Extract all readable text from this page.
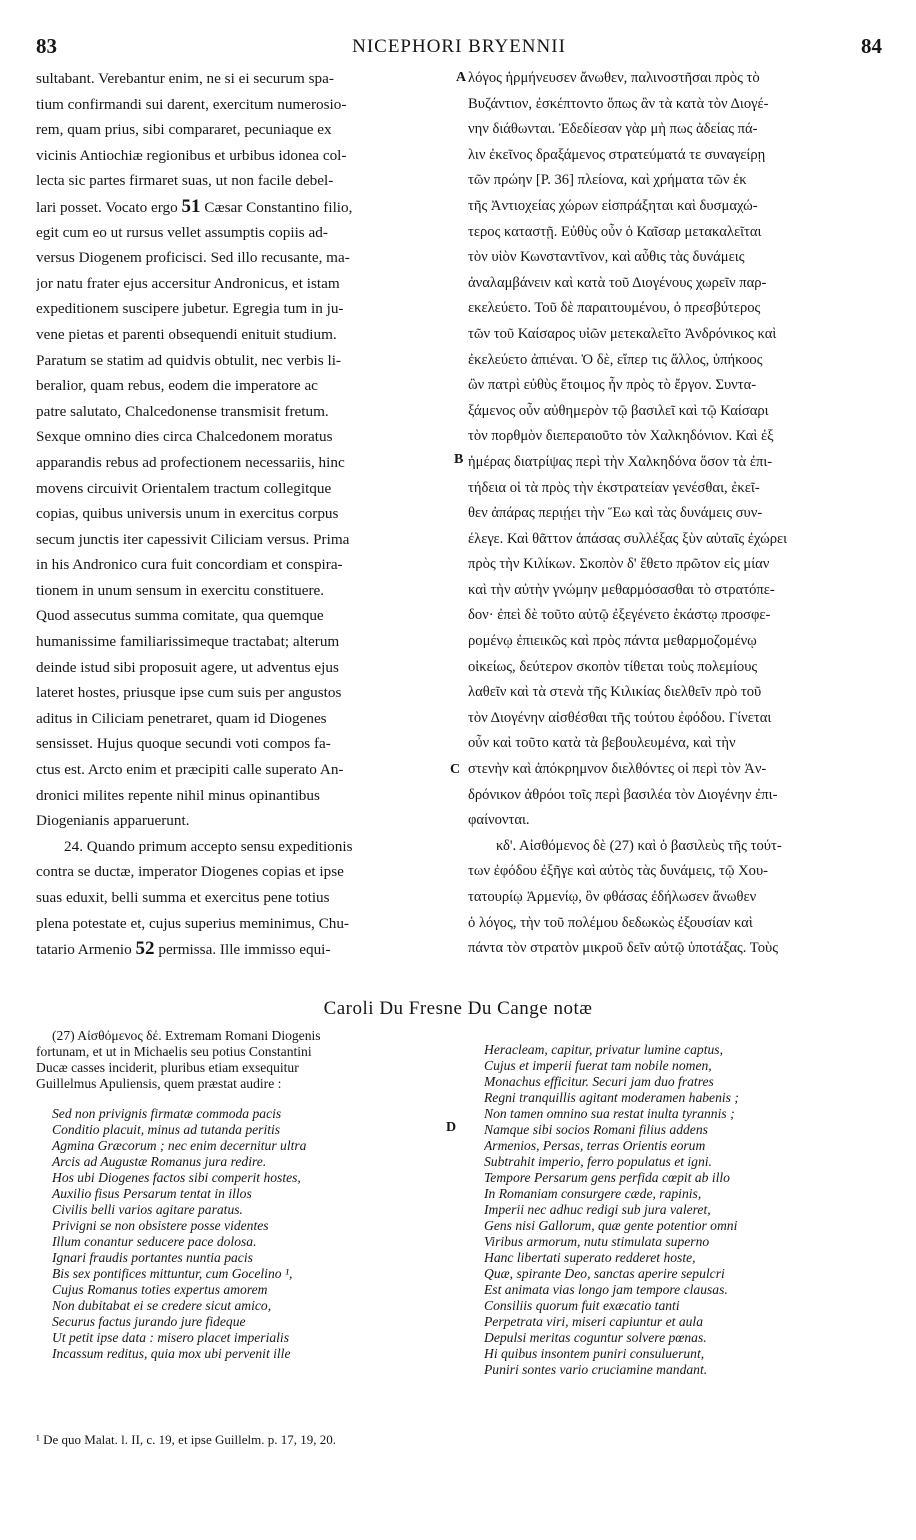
83	NICEPHORI BRYENNII	84
sultabant. Verebantur enim, ne si ei securum spa-
tium confirmandi sui darent, exercitum numerosio-
rem, quam prius, sibi compararet, pecuniaque ex
vicinis Antiochiæ regionibus et urbibus idonea col-
lecta sic partes firmaret suas, ut non facile debel-
lari posset. Vocato ergo 51 Cæsar Constantino filio,
egit cum eo ut rursus vellet assumptis copiis ad-
versus Diogenem proficisci. Sed illo recusante, ma-
jor natu frater ejus accersitur Andronicus, et istam
expeditionem suscipere jubetur. Egregia tum in ju-
vene pietas et parenti obsequendi enituit studium.
Paratum se statim ad quidvis obtulit, nec verbis li-
beralior, quam rebus, eodem die imperatore ac
patre salutato, Chalcedonense transmisit fretum.
Sexque omnino dies circa Chalcedonem moratus
apparandis rebus ad profectionem necessariis, hinc
movens circuivit Orientalem tractum collegitque
copias, quibus universis unum in exercitus corpus
secum junctis iter capessivit Ciliciam versus. Prima
in his Andronico cura fuit concordiam et conspira-
tionem in unum sensum in exercitu constituere.
Quod assecutus summa comitate, qua quemque
humanissime familiarissimeque tractabat; alterum
deinde istud sibi proposuit agere, ut adventus ejus
lateret hostes, priusque ipse cum suis per angustos
aditus in Ciliciam penetraret, quam id Diogenes
sensisset. Hujus quoque secundi voti compos fa-
ctus est. Arcto enim et præcipiti calle superato An-
dronici milites repente nihil minus opinantibus
Diogenianis apparuerunt.
24. Quando primum accepto sensu expeditionis
contra se ductæ, imperator Diogenes copias et ipse
suas eduxit, belli summa et exercitus pene totius
plena potestate et, cujus superius meminimus, Chu-
tatario Armenio 52 permissa. Ille immisso equi-
λόγος ἡρμήνευσεν ἄνωθεν, παλινοστῆσαι πρὸς τὸ
Βυζάντιον, ἐσκέπτοντο ὅπως ἂν τὰ κατὰ τὸν Διογέ-
νην διάθωνται. Ἐδεδίεσαν γὰρ μὴ πως ἀδείας πά-
λιν ἐκεῖνος δραξάμενος στρατεύματά τε συναγείρῃ
τῶν πρώην [P. 36] πλείονα, καὶ χρήματα τῶν ἐκ
τῆς Ἀντιοχείας χώρων εἰσπράξηται καὶ δυσμαχώ-
τερος καταστῇ. Εὐθὺς οὖν ὁ Καῖσαρ μετακαλεῖται
τὸν υἱὸν Κωνσταντῖνον, καὶ αὖθις τὰς δυνάμεις
ἀναλαμβάνειν καὶ κατὰ τοῦ Διογένους χωρεῖν παρ-
εκελεύετο. Τοῦ δὲ παραιτουμένου, ὁ πρεσβύτερος
τῶν τοῦ Καίσαρος υἱῶν μετεκαλεῖτο Ἀνδρόνικος καὶ
ἐκελεύετο ἀπιέναι. Ὁ δὲ, εἴπερ τις ἄλλος, ὑπήκοος
ὢν πατρὶ εὐθὺς ἕτοιμος ἦν πρὸς τὸ ἔργον. Συντα-
ξάμενος οὖν αὐθημερὸν τῷ βασιλεῖ καὶ τῷ Καίσαρι
τὸν πορθμὸν διεπεραιοῦτο τὸν Χαλκηδόνιον. Καὶ ἐξ
ἡμέρας διατρίψας περὶ τὴν Χαλκηδόνα ὅσον τὰ ἐπι-
τήδεια οἱ τὰ πρὸς τὴν ἐκστρατείαν γενέσθαι, ἐκεῖ-
θεν ἀπάρας περιῄει τὴν Ἕω καὶ τὰς δυνάμεις συν-
έλεγε. Καὶ θᾶττον ἁπάσας συλλέξας ξὺν αὑταῖς ἐχώρει
πρὸς τὴν Κιλίκων. Σκοπὸν δ' ἔθετο πρῶτον εἰς μίαν
καὶ τὴν αὐτὴν γνώμην μεθαρμόσασθαι τὸ στρατόπε-
δον· ἐπεὶ δὲ τοῦτο αὐτῷ ἐξεγένετο ἑκάστῳ προσφε-
ρομένῳ ἐπιεικῶς καὶ πρὸς πάντα μεθαρμοζομένῳ
οἰκείως, δεύτερον σκοπὸν τίθεται τοὺς πολεμίους
λαθεῖν καὶ τὰ στενὰ τῆς Κιλικίας διελθεῖν πρὸ τοῦ
τὸν Διογένην αἰσθέσθαι τῆς τούτου ἐφόδου. Γίνεται
οὖν καὶ τοῦτο κατὰ τὰ βεβουλευμένα, καὶ τὴν
στενὴν καὶ ἀπόκρημνον διελθόντες οἱ περὶ τὸν Ἀν-
δρόνικον ἀθρόοι τοῖς περὶ βασιλέα τὸν Διογένην ἐπι-
φαίνονται.
κδ'. Αἰσθόμενος δὲ (27) καὶ ὁ βασιλεὺς τῆς τούτ-
των ἐφόδου ἐξῆγε καὶ αὐτὸς τὰς δυνάμεις, τῷ Χου-
τατουρίῳ Ἀρμενίῳ, ὃν φθάσας ἐδήλωσεν ἄνωθεν
ὁ λόγος, τὴν τοῦ πολέμου δεδωκὼς ἐξουσίαν καὶ
πάντα τὸν στρατὸν μικροῦ δεῖν αὐτῷ ὑποτάξας. Τοὺς
A
B
C
D
Caroli Du Fresne Du Cange notæ
(27) Αἰσθόμενος δέ. Extremam Romani Diogenis
fortunam, et ut in Michaelis seu potius Constantini
Ducæ casses inciderit, pluribus etiam exsequitur
Guillelmus Apuliensis, quem præstat audire :
Sed non privignis firmatæ commoda pacis
Conditio placuit, minus ad tutanda peritis
Agmina Græcorum ; nec enim decernitur ultra
Arcis ad Augustæ Romanus jura redire.
Hos ubi Diogenes factos sibi comperit hostes,
Auxilio fisus Persarum tentat in illos
Civilis belli varios agitare paratus.
Privigni se non obsistere posse videntes
Illum conantur seducere pace dolosa.
Ignari fraudis portantes nuntia pacis
Bis sex pontifices mittuntur, cum Gocelino ¹,
Cujus Romanus toties expertus amorem
Non dubitabat ei se credere sicut amico,
Securus factus jurando jure fideque
Ut petit ipse data : misero placet imperialis
Incassum reditus, quia mox ubi pervenit ille
Heracleam, capitur, privatur lumine captus,
Cujus et imperii fuerat tam nobile nomen,
Monachus efficitur. Securi jam duo fratres
Regni tranquillis agitant moderamen habenis ;
Non tamen omnino sua restat inulta tyrannis ;
Namque sibi socios Romani filius addens
Armenios, Persas, terras Orientis eorum
Subtrahit imperio, ferro populatus et igni.
Tempore Persarum gens perfida cœpit ab illo
In Romaniam consurgere cæde, rapinis,
Imperii nec adhuc redigi sub jura valeret,
Gens nisi Gallorum, quæ gente potentior omni
Viribus armorum, nutu stimulata superno
Hanc libertati superato redderet hoste,
Quæ, spirante Deo, sanctas aperire sepulcri
Est animata vias longo jam tempore clausas.
Consiliis quorum fuit exæcatio tanti
Perpetrata viri, miseri capiuntur et aula
Depulsi meritas coguntur solvere pœnas.
Hi quibus insontem puniri consuluerunt,
Puniri sontes vario cruciamine mandant.
¹ De quo Malat. l. II, c. 19, et ipse Guillelm. p. 17, 19, 20.
